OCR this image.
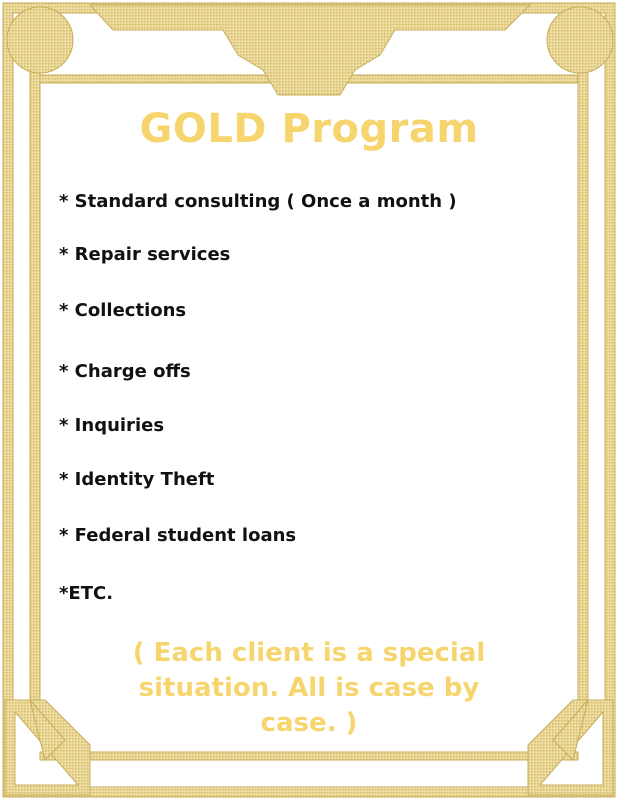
GOLD Program
* Standard consulting ( Once a month )
* Repair services
* Collections
* Charge offs
* Inquiries
* Identity Theft
* Federal student loans
*ETC.
( Each client is a special situation. All is case by case. )
